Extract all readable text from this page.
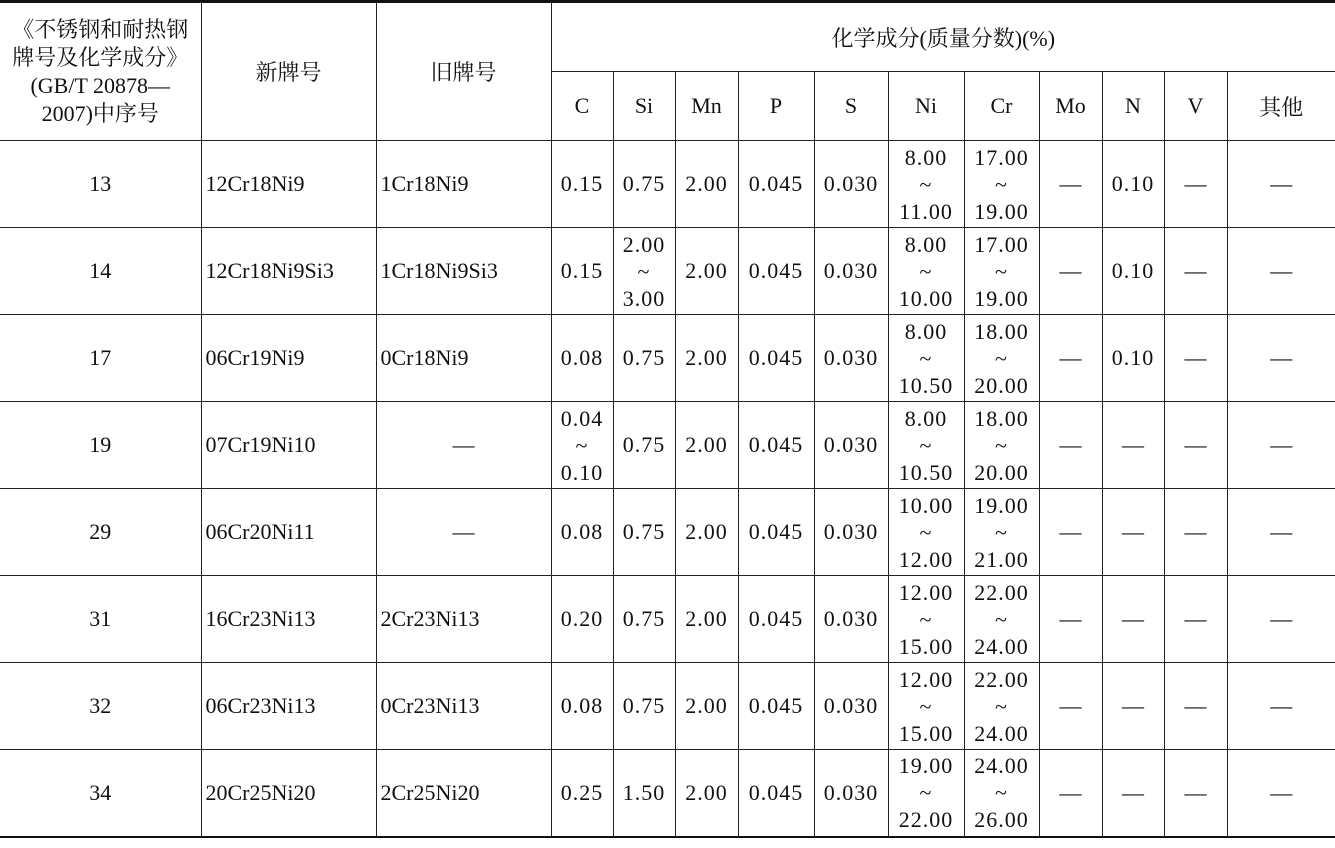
《不锈钢和耐热钢
牌号及化学成分》
(GB/T 20878—
2007)中序号	新牌号	旧牌号	化学成分(质量分数)(%)										
			C	Si	Mn	P	S	Ni	Cr	Mo	N	V	其他
13	12Cr18Ni9	1Cr18Ni9	0.15	0.75	2.00	0.045	0.030	8.00
~
11.00	17.00
~
19.00	—	0.10	—	—
14	12Cr18Ni9Si3	1Cr18Ni9Si3	0.15	2.00
~
3.00	2.00	0.045	0.030	8.00
~
10.00	17.00
~
19.00	—	0.10	—	—
17	06Cr19Ni9	0Cr18Ni9	0.08	0.75	2.00	0.045	0.030	8.00
~
10.50	18.00
~
20.00	—	0.10	—	—
19	07Cr19Ni10	—	0.04
~
0.10	0.75	2.00	0.045	0.030	8.00
~
10.50	18.00
~
20.00	—	—	—	—
29	06Cr20Ni11	—	0.08	0.75	2.00	0.045	0.030	10.00
~
12.00	19.00
~
21.00	—	—	—	—
31	16Cr23Ni13	2Cr23Ni13	0.20	0.75	2.00	0.045	0.030	12.00
~
15.00	22.00
~
24.00	—	—	—	—
32	06Cr23Ni13	0Cr23Ni13	0.08	0.75	2.00	0.045	0.030	12.00
~
15.00	22.00
~
24.00	—	—	—	—
34	20Cr25Ni20	2Cr25Ni20	0.25	1.50	2.00	0.045	0.030	19.00
~
22.00	24.00
~
26.00	—	—	—	—
